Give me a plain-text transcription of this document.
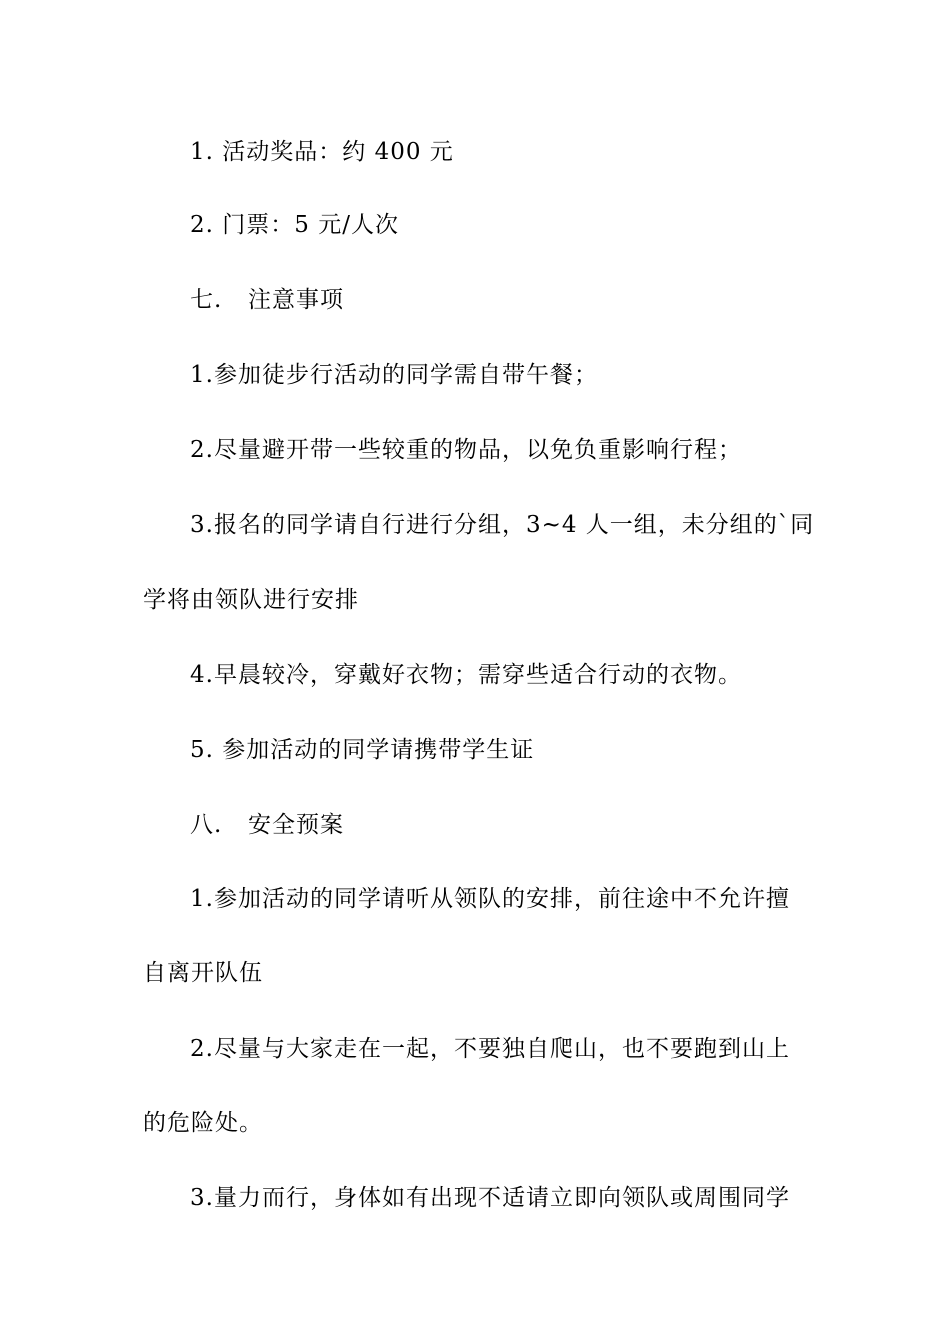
1. 活动奖品：约 400 元

2. 门票：5 元/人次

七. 注意事项

1.参加徒步行活动的同学需自带午餐；

2.尽量避开带一些较重的物品，以免负重影响行程；

3.报名的同学请自行进行分组，3~4 人一组，未分组的`同

学将由领队进行安排

4.早晨较冷，穿戴好衣物；需穿些适合行动的衣物。

5. 参加活动的同学请携带学生证

八. 安全预案

1.参加活动的同学请听从领队的安排，前往途中不允许擅

自离开队伍

2.尽量与大家走在一起，不要独自爬山，也不要跑到山上

的危险处。

3.量力而行，身体如有出现不适请立即向领队或周围同学
